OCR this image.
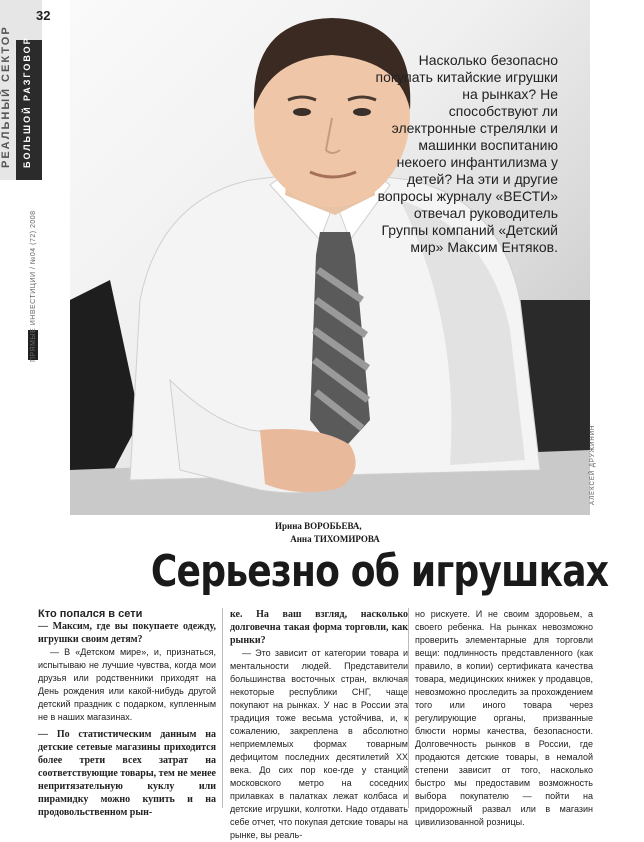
32
РЕАЛЬНЫЙ СЕКТОР БОЛЬШОЙ РАЗГОВОР
ПРЯМЫЕ ИНВЕСТИЦИИ / №04 (72) 2008
АЛЕКСЕЙ ДРУЖИНИН
Насколько безопасно покупать китайские игрушки на рынках? Не способствуют ли электронные стрелялки и машинки воспитанию некоего инфантилизма у детей? На эти и другие вопросы журналу «ВЕСТИ» отвечал руководитель Группы компаний «Детский мир» Максим Ентяков.
Ирина ВОРОБЬЕВА,
Анна ТИХОМИРОВА
Серьезно об игрушках

Кто попался в сети

— Максим, где вы покупаете одежду, игрушки своим детям?

— В «Детском мире», и, признаться, испытываю не лучшие чувства, когда мои друзья или родственники приходят на День рождения или какой-нибудь другой детский праздник с подарком, купленным не в наших магазинах.

— По статистическим данным на детские сетевые магазины приходится более трети всех затрат на соответствующие товары, тем не менее непритязательную куклу или пирамидку можно купить и на продовольственном рын-

ке. На ваш взгляд, насколько долговечна такая форма торговли, как рынки?

— Это зависит от категории товара и ментальности людей. Представители большинства восточных стран, включая некоторые республики СНГ, чаще покупают на рынках. У нас в России эта традиция тоже весьма устойчива, и, к сожалению, закреплена в абсолютно неприемлемых формах товарным дефицитом последних десятилетий XX века. До сих пор кое-где у станций московского метро на соседних прилавках в палатках лежат колбаса и детские игрушки, колготки. Надо отдавать себе отчет, что покупая детские товары на рынке, вы реаль-

но рискуете. И не своим здоровьем, а своего ребенка. На рынках невозможно проверить элементарные для торговли вещи: подлинность представленного (как правило, в копии) сертификата качества товара, медицинских книжек у продавцов, невозможно проследить за прохождением того или иного товара через регулирующие органы, призванные блюсти нормы качества, безопасности. Долговечность рынков в России, где продаются детские товары, в немалой степени зависит от того, насколько быстро мы предоставим возможность выбора покупателю — пойти на придорожный развал или в магазин цивилизованной розницы.
